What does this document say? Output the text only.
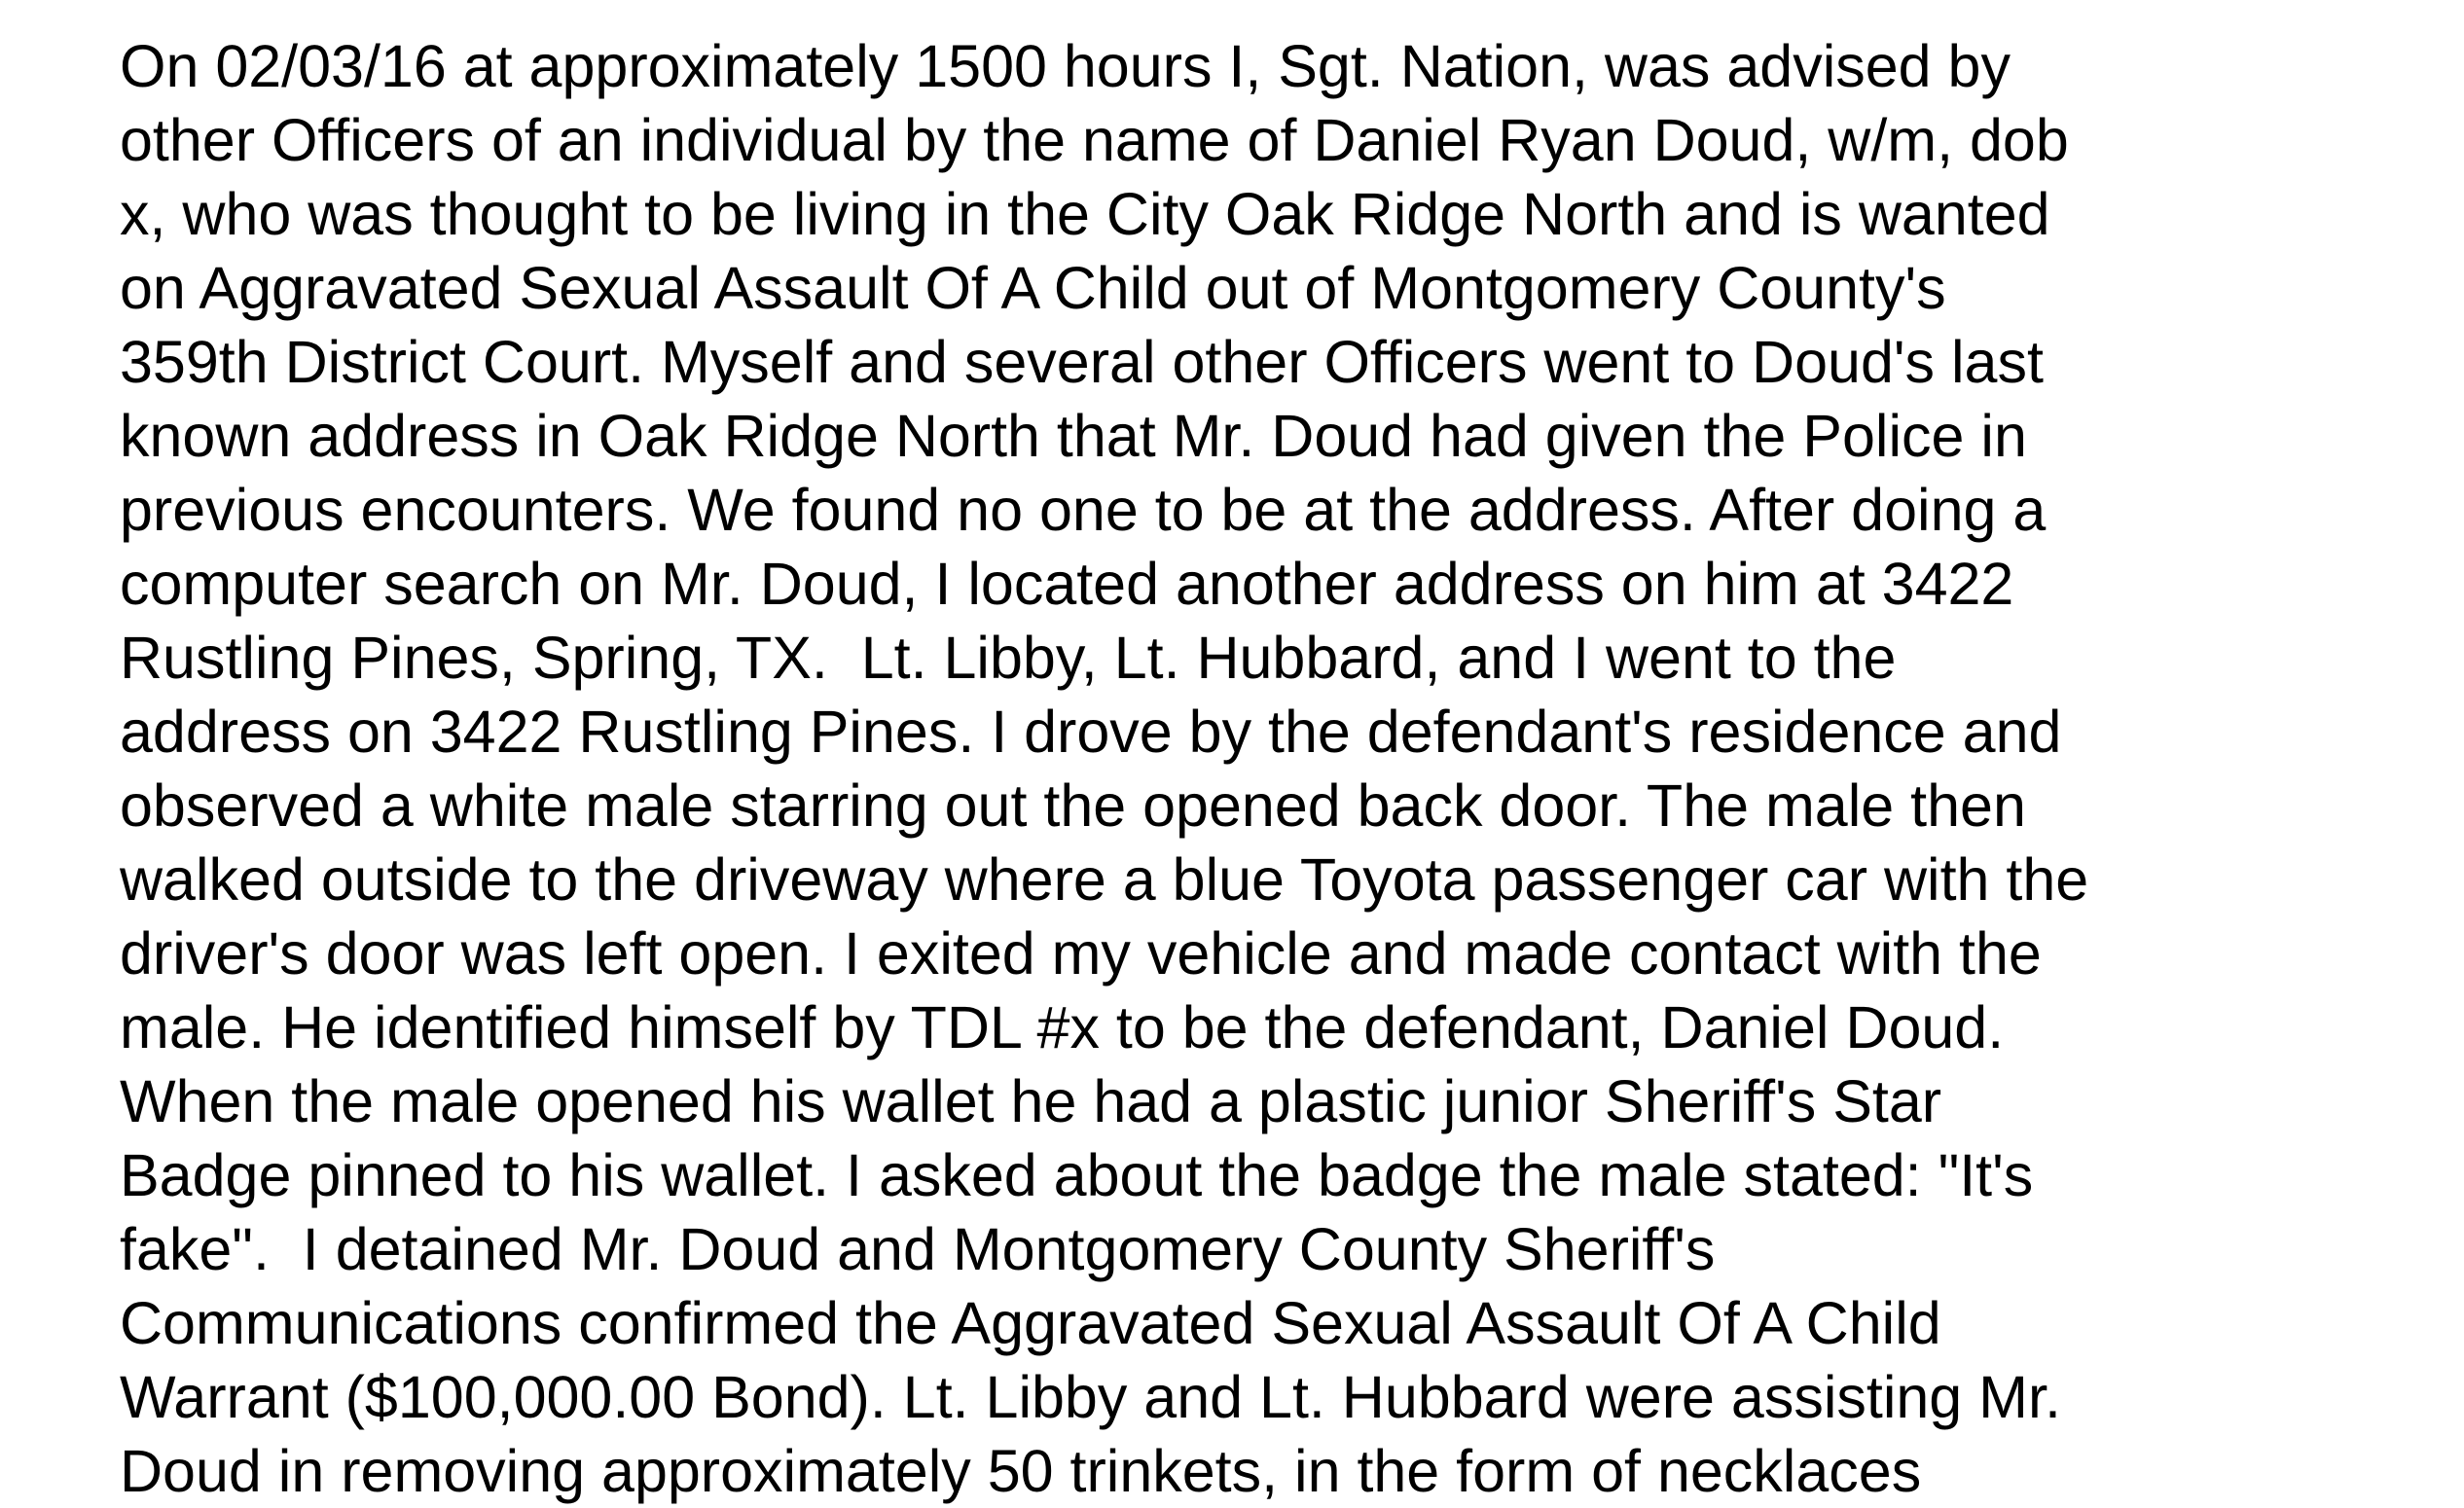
On 02/03/16 at approximately 1500 hours I, Sgt. Nation, was advised by
other Officers of an individual by the name of Daniel Ryan Doud, w/m, dob
x, who was thought to be living in the City Oak Ridge North and is wanted
on Aggravated Sexual Assault Of A Child out of Montgomery County's
359th District Court. Myself and several other Officers went to Doud's last
known address in Oak Ridge North that Mr. Doud had given the Police in
previous encounters. We found no one to be at the address. After doing a
computer search on Mr. Doud, I located another address on him at 3422
Rustling Pines, Spring, TX.  Lt. Libby, Lt. Hubbard, and I went to the
address on 3422 Rustling Pines. I drove by the defendant's residence and
observed a white male starring out the opened back door. The male then
walked outside to the driveway where a blue Toyota passenger car with the
driver's door was left open. I exited my vehicle and made contact with the
male. He identified himself by TDL #x to be the defendant, Daniel Doud.
When the male opened his wallet he had a plastic junior Sheriff's Star
Badge pinned to his wallet. I asked about the badge the male stated: "It's
fake".  I detained Mr. Doud and Montgomery County Sheriff's
Communications confirmed the Aggravated Sexual Assault Of A Child
Warrant ($100,000.00 Bond). Lt. Libby and Lt. Hubbard were assisting Mr.
Doud in removing approximately 50 trinkets, in the form of necklaces
